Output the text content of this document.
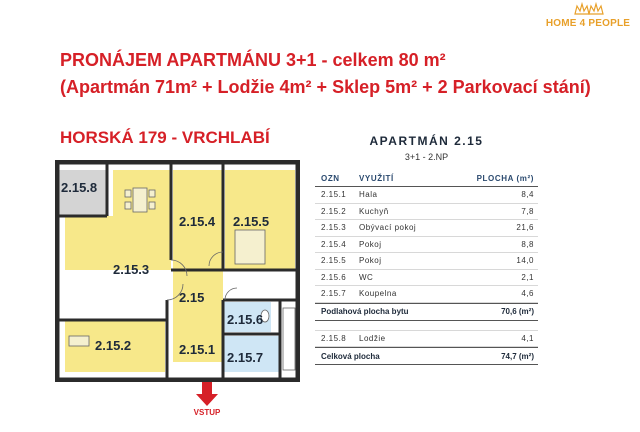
HOME 4 PEOPLE
PRONÁJEM APARTMÁNU 3+1 - celkem 80 m²
(Apartmán 71m² + Lodžie 4m² + Sklep 5m² + 2 Parkovací stání)
HORSKÁ 179 - VRCHLABÍ
2.15.8
2.15.4 2.15.5
2.15.3
2.15
2.15.6
2.15.2	2.15.1
2.15.7
VSTUP
APARTMÁN 2.15
3+1 - 2.NP
OZN	VYUŽITÍ	PLOCHA (m²)
2.15.1	Hala	8,4
2.15.2	Kuchyň	7,8
2.15.3	Obývací pokoj	21,6
2.15.4	Pokoj	8,8
2.15.5	Pokoj	14,0
2.15.6	WC	2,1
2.15.7	Koupelna	4,6
Podlahová plocha bytu	70,6 (m²)
2.15.8	Lodžie	4,1
Celková plocha	74,7 (m²)
